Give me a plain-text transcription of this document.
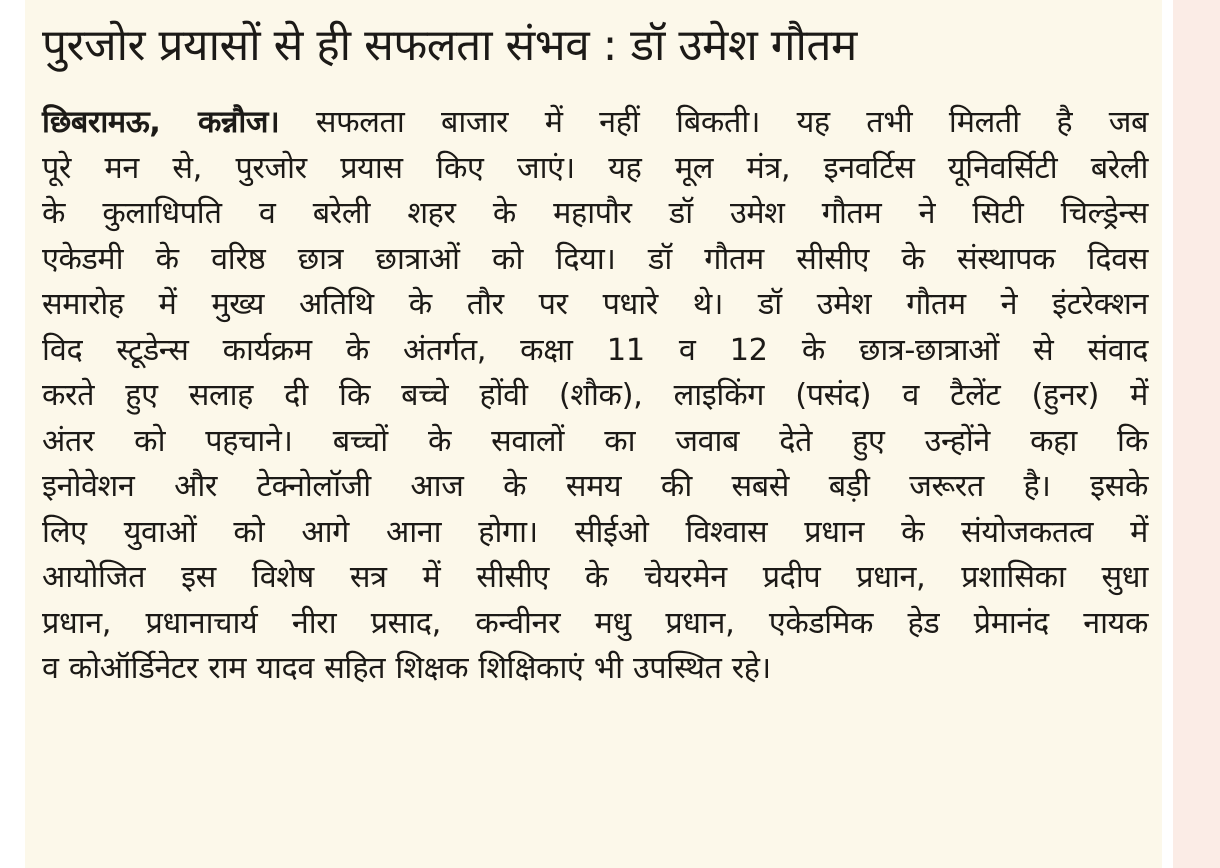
पुरजोर प्रयासों से ही सफलता संभव : डॉ उमेश गौतम
छिबरामऊ, कन्नौज। सफलता बाजार में नहीं बिकती। यह तभी मिलती है जब
पूरे मन से, पुरजोर प्रयास किए जाएं। यह मूल मंत्र, इनवर्टिस यूनिवर्सिटी बरेली
के कुलाधिपति व बरेली शहर के महापौर डॉ उमेश गौतम ने सिटी चिल्ड्रेन्स
एकेडमी के वरिष्ठ छात्र छात्राओं को दिया। डॉ गौतम सीसीए के संस्थापक दिवस
समारोह में मुख्य अतिथि के तौर पर पधारे थे। डॉ उमेश गौतम ने इंटरेक्शन
विद स्टूडेन्स कार्यक्रम के अंतर्गत, कक्षा 11 व 12 के छात्र-छात्राओं से संवाद
करते हुए सलाह दी कि बच्चे होंवी (शौक), लाइकिंग (पसंद) व टैलेंट (हुनर) में
अंतर को पहचाने। बच्चों के सवालों का जवाब देते हुए उन्होंने कहा कि
इनोवेशन और टेक्नोलॉजी आज के समय की सबसे बड़ी जरूरत है। इसके
लिए युवाओं को आगे आना होगा। सीईओ विश्वास प्रधान के संयोजकतत्व में
आयोजित इस विशेष सत्र में सीसीए के चेयरमेन प्रदीप प्रधान, प्रशासिका सुधा
प्रधान, प्रधानाचार्य नीरा प्रसाद, कन्वीनर मधु प्रधान, एकेडमिक हेड प्रेमानंद नायक
व कोऑर्डिनेटर राम यादव सहित शिक्षक शिक्षिकाएं भी उपस्थित रहे।
